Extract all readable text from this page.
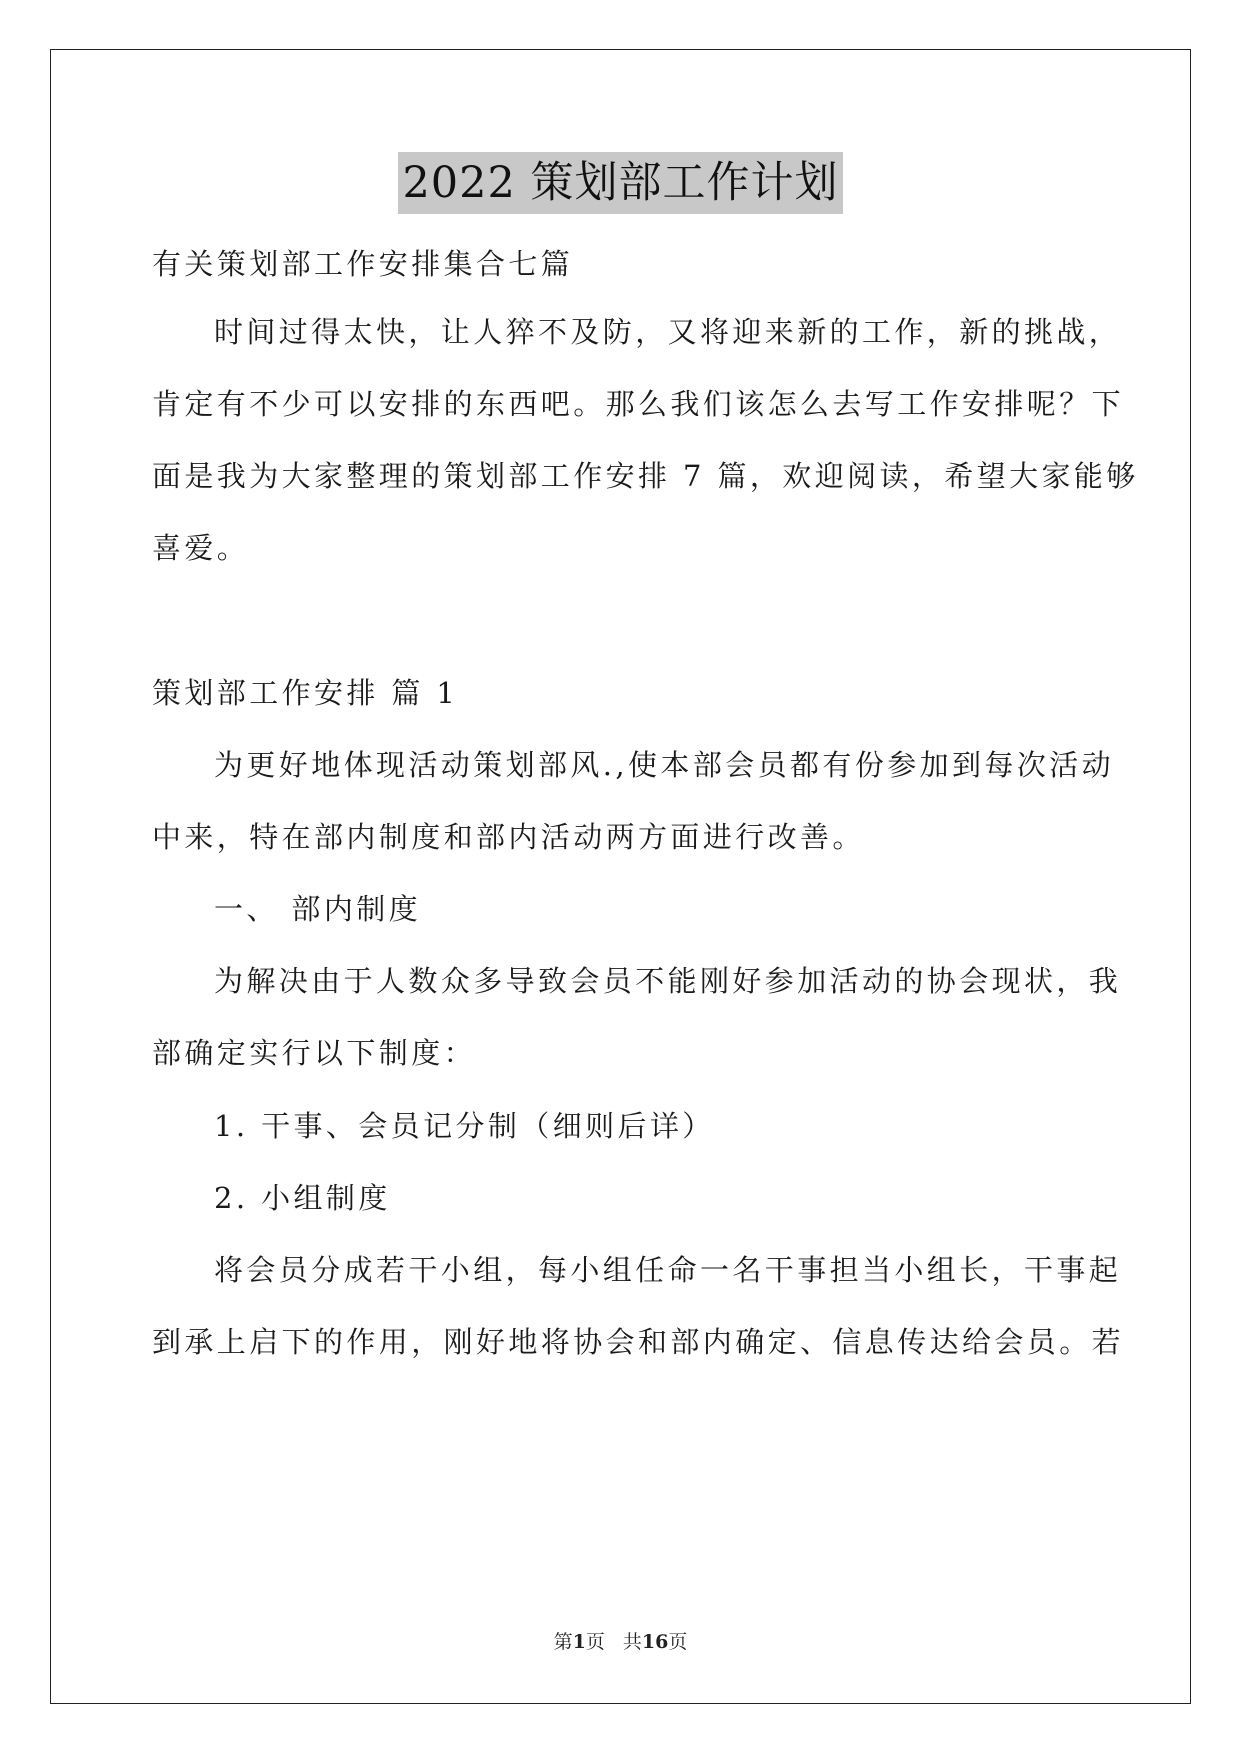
2022 策划部工作计划
有关策划部工作安排集合七篇
时间过得太快，让人猝不及防，又将迎来新的工作，新的挑战，
肯定有不少可以安排的东西吧。那么我们该怎么去写工作安排呢？下
面是我为大家整理的策划部工作安排 7 篇，欢迎阅读，希望大家能够
喜爱。
策划部工作安排 篇 1
为更好地体现活动策划部风.,使本部会员都有份参加到每次活动
中来，特在部内制度和部内活动两方面进行改善。
一、 部内制度
为解决由于人数众多导致会员不能刚好参加活动的协会现状，我
部确定实行以下制度：
1. 干事、会员记分制（细则后详）
2. 小组制度
将会员分成若干小组，每小组任命一名干事担当小组长，干事起
到承上启下的作用，刚好地将协会和部内确定、信息传达给会员。若
第1页 共16页
